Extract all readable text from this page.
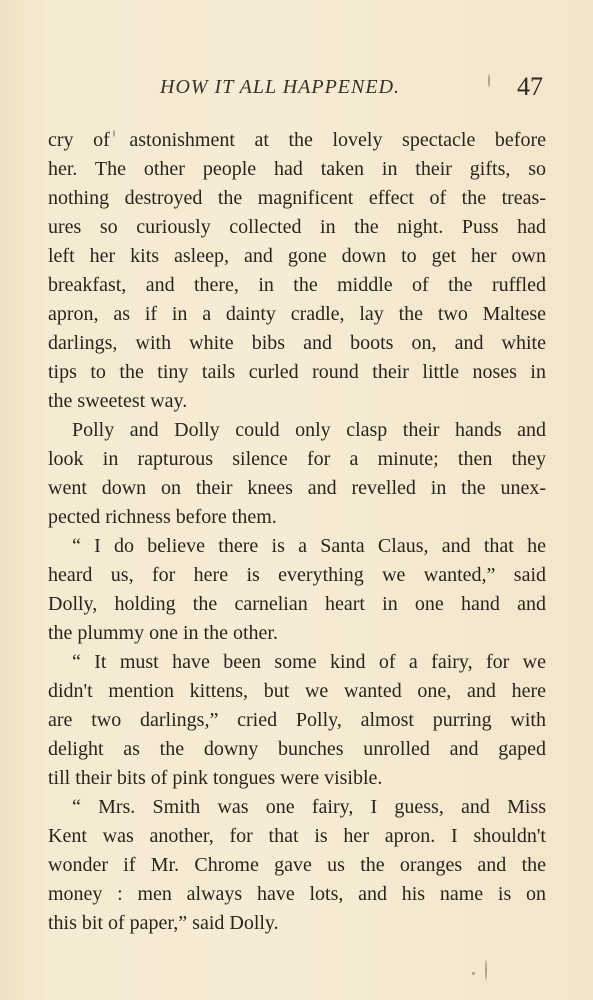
HOW IT ALL HAPPENED.	47

cry of astonishment at the lovely spectacle before
her. The other people had taken in their gifts, so
nothing destroyed the magnificent effect of the treas-
ures so curiously collected in the night. Puss had
left her kits asleep, and gone down to get her own
breakfast, and there, in the middle of the ruffled
apron, as if in a dainty cradle, lay the two Maltese
darlings, with white bibs and boots on, and white
tips to the tiny tails curled round their little noses in
the sweetest way.

Polly and Dolly could only clasp their hands and
look in rapturous silence for a minute; then they
went down on their knees and revelled in the unex-
pected richness before them.

“ I do believe there is a Santa Claus, and that he
heard us, for here is everything we wanted,” said
Dolly, holding the carnelian heart in one hand and
the plummy one in the other.

“ It must have been some kind of a fairy, for we
didn't mention kittens, but we wanted one, and here
are two darlings,” cried Polly, almost purring with
delight as the downy bunches unrolled and gaped
till their bits of pink tongues were visible.

“ Mrs. Smith was one fairy, I guess, and Miss
Kent was another, for that is her apron. I shouldn't
wonder if Mr. Chrome gave us the oranges and the
money : men always have lots, and his name is on
this bit of paper,” said Dolly.
